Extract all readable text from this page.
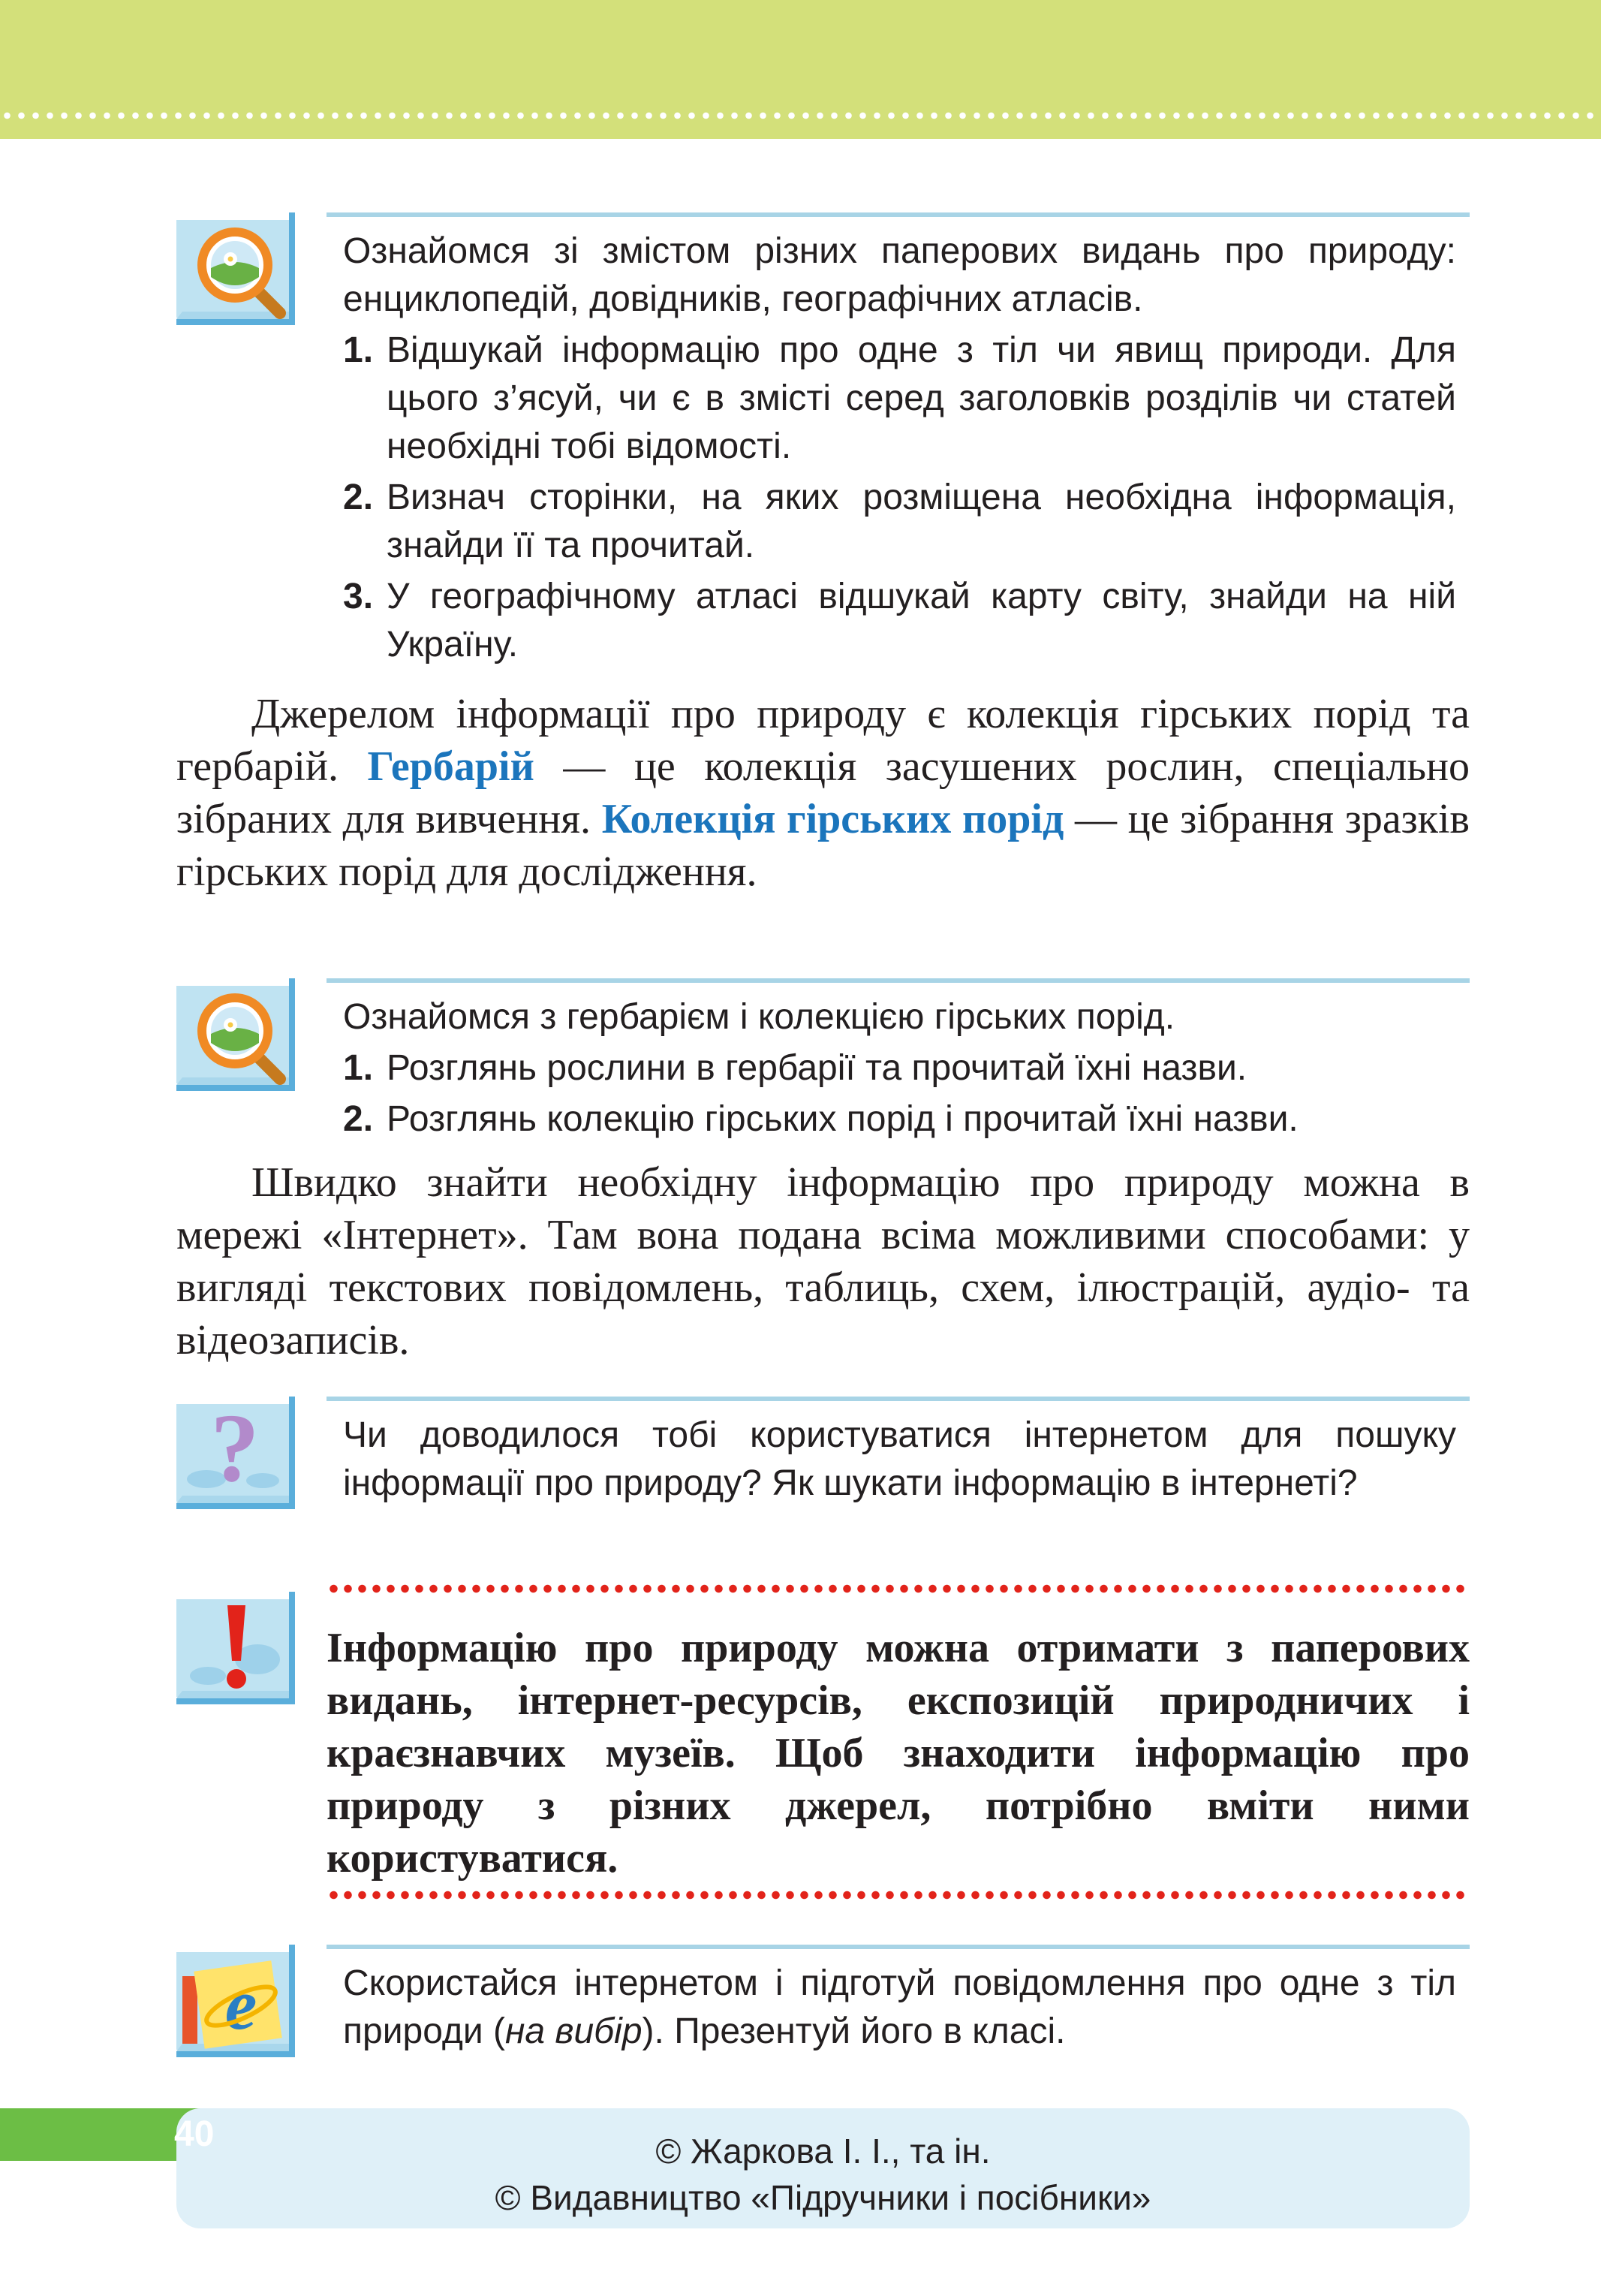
Ознайомся зі змістом різних паперових видань про природу: енциклопедій, довідників, географічних атласів.

1. Відшукай інформацію про одне з тіл чи явищ природи. Для цього з’ясуй, чи є в змісті серед заголовків розділів чи статей необхідні тобі відомості.
2. Визнач сторінки, на яких розміщена необхідна інформація, знайди її та прочитай.
3. У географічному атласі відшукай карту світу, знайди на ній Україну.

Джерелом інформації про природу є колекція гірських порід та гербарій. Гербарій — це колекція засушених рослин, спеціально зібраних для вивчення. Колекція гірських порід — це зібрання зразків гірських порід для дослідження.

Ознайомся з гербарієм і колекцією гірських порід.

1. Розглянь рослини в гербарії та прочитай їхні назви.
2. Розглянь колекцію гірських порід і прочитай їхні назви.

Швидко знайти необхідну інформацію про природу можна в мережі «Інтернет». Там вона подана всіма можливими способами: у вигляді текстових повідомлень, таблиць, схем, ілюстрацій, аудіо- та відеозаписів.

? Чи доводилося тобі користуватися інтернетом для пошуку інформації про природу? Як шукати інформацію в інтернеті?

Інформацію про природу можна отримати з паперових видань, інтернет-ресурсів, експозицій природничих і краєзнавчих музеїв. Щоб знаходити інформацію про природу з різних джерел, потрібно вміти ними користуватися.

e Скористайся інтернетом і підготуй повідомлення про одне з тіл природи (на вибір). Презентуй його в класі.

© Жаркова І. І., та ін.
© Видавництво «Підручники і посібники»
40
